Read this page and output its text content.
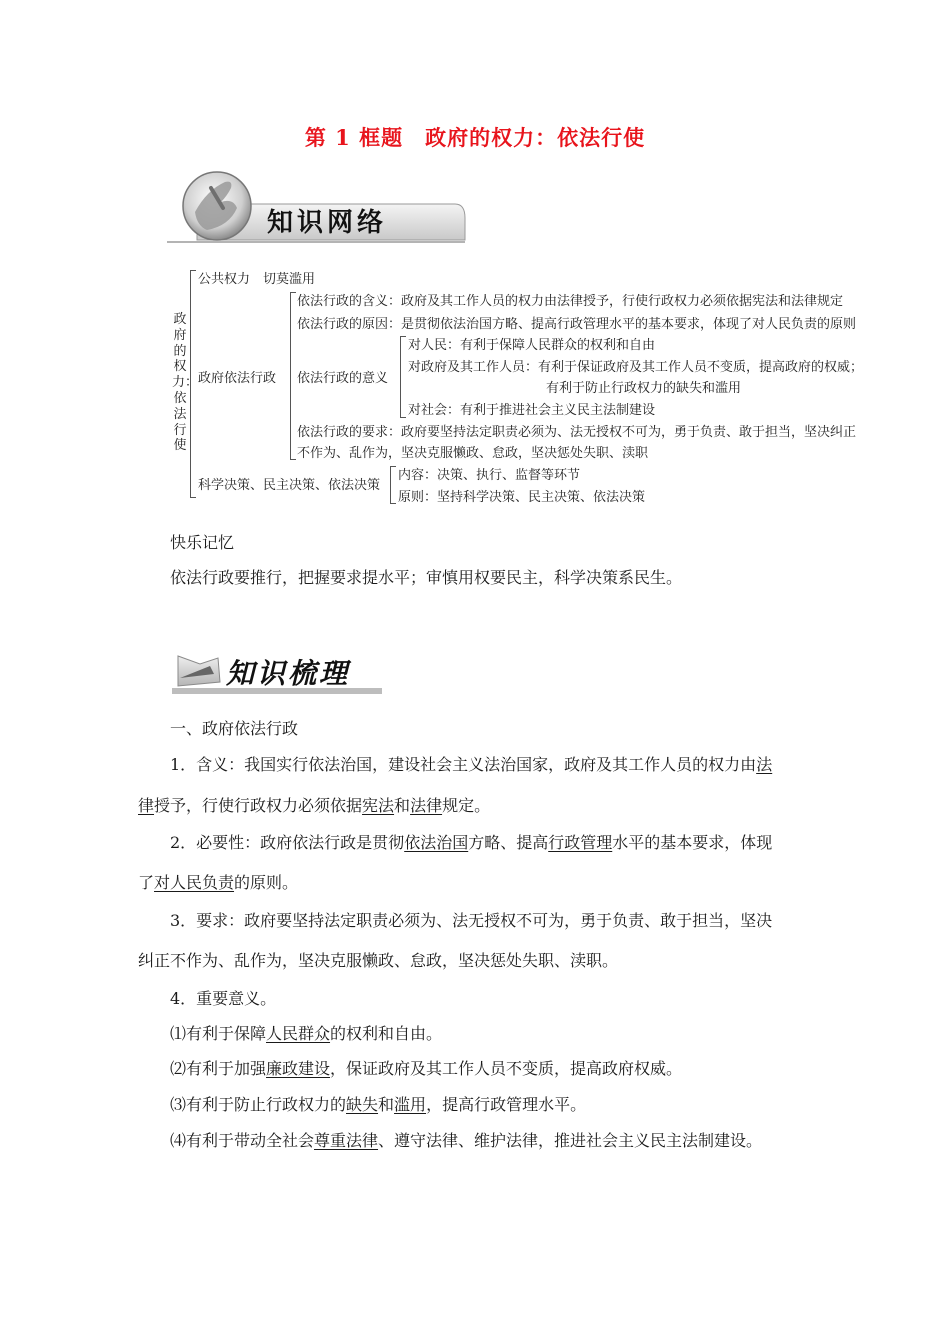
第 1 框题　政府的权力：依法行使
知识网络
政府的权力：依法行使
公共权力　切莫滥用
政府依法行政
依法行政的含义：政府及其工作人员的权力由法律授予，行使行政权力必须依据宪法和法律规定
依法行政的原因：是贯彻依法治国方略、提高行政管理水平的基本要求，体现了对人民负责的原则
依法行政的意义
对人民：有利于保障人民群众的权利和自由
对政府及其工作人员：有利于保证政府及其工作人员不变质，提高政府的权威；
有利于防止行政权力的缺失和滥用
对社会：有利于推进社会主义民主法制建设
依法行政的要求：政府要坚持法定职责必须为、法无授权不可为，勇于负责、敢于担当，坚决纠正
不作为、乱作为，坚决克服懒政、怠政，坚决惩处失职、渎职
科学决策、民主决策、依法决策
内容：决策、执行、监督等环节
原则：坚持科学决策、民主决策、依法决策
快乐记忆
依法行政要推行，把握要求提水平；审慎用权要民主，科学决策系民生。
知识梳理
一、政府依法行政
1．含义：我国实行依法治国，建设社会主义法治国家，政府及其工作人员的权力由法
律授予，行使行政权力必须依据宪法和法律规定。
2．必要性：政府依法行政是贯彻依法治国方略、提高行政管理水平的基本要求，体现
了对人民负责的原则。
3．要求：政府要坚持法定职责必须为、法无授权不可为，勇于负责、敢于担当，坚决
纠正不作为、乱作为，坚决克服懒政、怠政，坚决惩处失职、渎职。
4．重要意义。
⑴有利于保障人民群众的权利和自由。
⑵有利于加强廉政建设，保证政府及其工作人员不变质，提高政府权威。
⑶有利于防止行政权力的缺失和滥用，提高行政管理水平。
⑷有利于带动全社会尊重法律、遵守法律、维护法律，推进社会主义民主法制建设。
